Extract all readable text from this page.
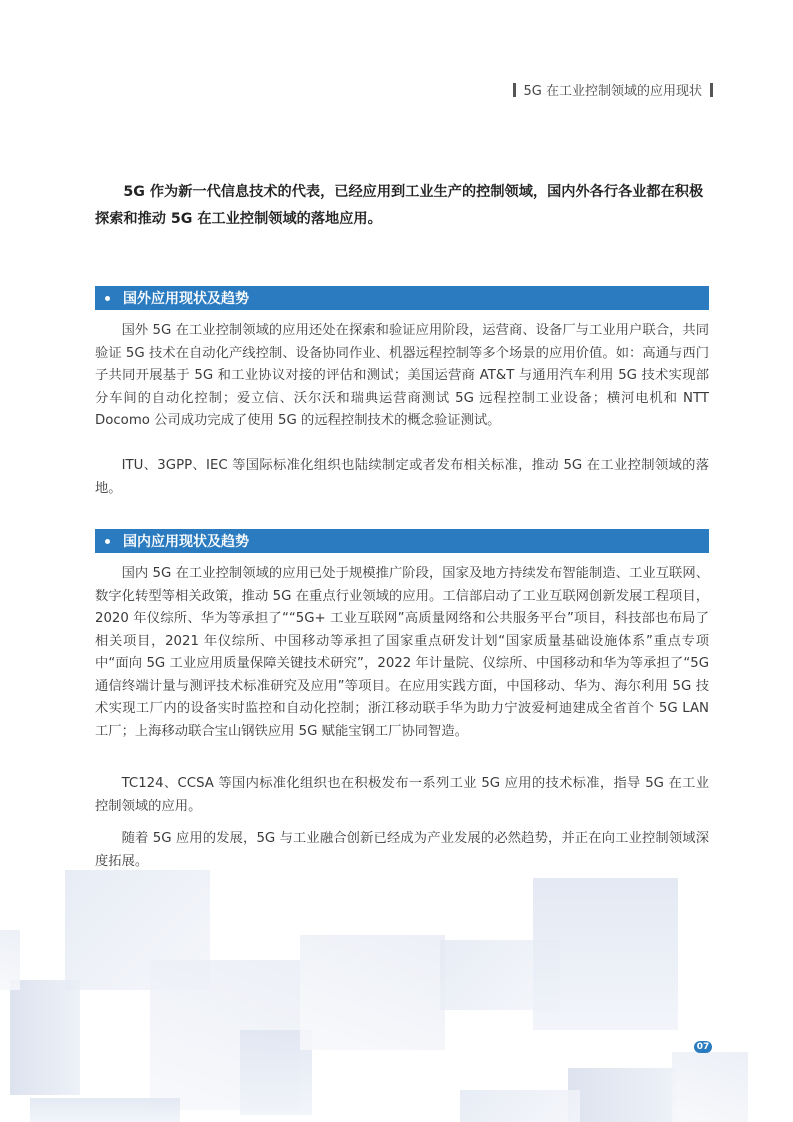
5G 在工业控制领域的应用现状

5G 作为新一代信息技术的代表，已经应用到工业生产的控制领域，国内外各行各业都在积极探索和推动 5G 在工业控制领域的落地应用。

国外应用现状及趋势

国外 5G 在工业控制领域的应用还处在探索和验证应用阶段，运营商、设备厂与工业用户联合，共同验证 5G 技术在自动化产线控制、设备协同作业、机器远程控制等多个场景的应用价值。如：高通与西门子共同开展基于 5G 和工业协议对接的评估和测试；美国运营商 AT&T 与通用汽车利用 5G 技术实现部分车间的自动化控制；爱立信、沃尔沃和瑞典运营商测试 5G 远程控制工业设备；横河电机和 NTT Docomo 公司成功完成了使用 5G 的远程控制技术的概念验证测试。

ITU、3GPP、IEC 等国际标准化组织也陆续制定或者发布相关标准，推动 5G 在工业控制领域的落地。

国内应用现状及趋势

国内 5G 在工业控制领域的应用已处于规模推广阶段，国家及地方持续发布智能制造、工业互联网、数字化转型等相关政策，推动 5G 在重点行业领域的应用。工信部启动了工业互联网创新发展工程项目，2020 年仪综所、华为等承担了““5G+ 工业互联网”高质量网络和公共服务平台”项目，科技部也布局了相关项目，2021 年仪综所、中国移动等承担了国家重点研发计划“国家质量基础设施体系”重点专项中“面向 5G 工业应用质量保障关键技术研究”，2022 年计量院、仪综所、中国移动和华为等承担了“5G 通信终端计量与测评技术标准研究及应用”等项目。在应用实践方面，中国移动、华为、海尔利用 5G 技术实现工厂内的设备实时监控和自动化控制；浙江移动联手华为助力宁波爱柯迪建成全省首个 5G LAN 工厂；上海移动联合宝山钢铁应用 5G 赋能宝钢工厂协同智造。

TC124、CCSA 等国内标准化组织也在积极发布一系列工业 5G 应用的技术标准，指导 5G 在工业控制领域的应用。

随着 5G 应用的发展，5G 与工业融合创新已经成为产业发展的必然趋势，并正在向工业控制领域深度拓展。

07
